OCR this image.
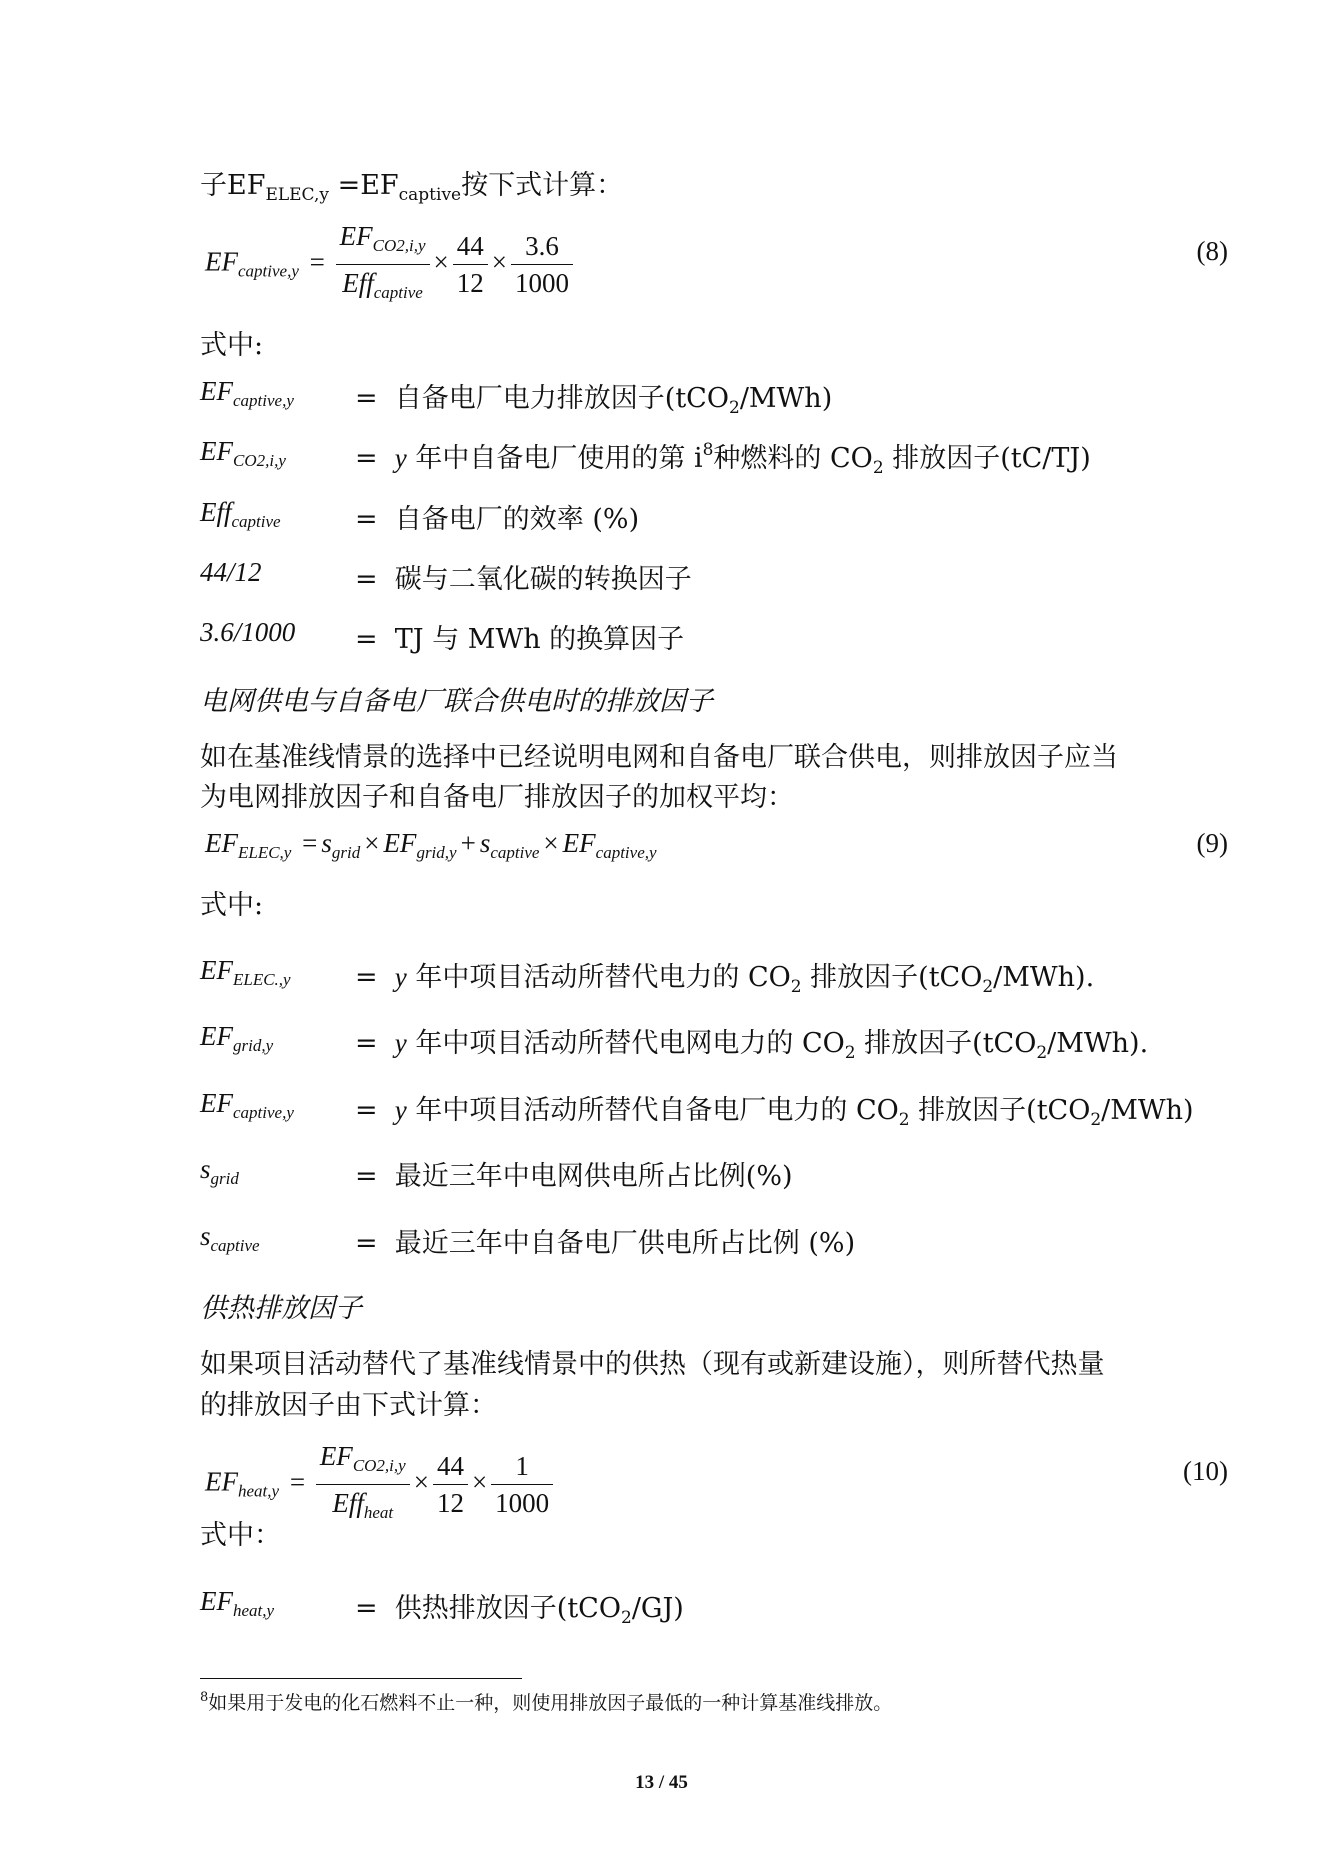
子$EF_{ELEC,y} =EF_{captive}$按下式计算：
$EF_{captive,y} = \frac{EF_{CO2,i,y}}{Eff_{captive}} \times \frac{44}{12} \times \frac{3.6}{1000}$	(8)
式中:
$EF_{captive,y}$ = 自备电厂电力排放因子(tCO$_2$/MWh)
$EF_{CO2,i,y}$	= y 年中自备电厂使用的第 $i^8$种燃料的 $CO_2$ 排放因子(tC/TJ)
Eff$_{captive}$	= 自备电厂的效率 (%)
44/12	= 碳与二氧化碳的转换因子
3.6/1000 = TJ 与 MWh 的换算因子
电网供电与自备电厂联合供电时的排放因子
如在基准线情景的选择中已经说明电网和自备电厂联合供电，则排放因子应当
为电网排放因子和自备电厂排放因子的加权平均：
$EF_{ELEC,y} = s_{grid} \times EF_{grid,y} + s_{captive} \times EF_{captive,y}$	(9)
式中:
$EF_{ELEC.,y} = y$ 年中项目活动所替代电力的 $CO_2$ 排放因子(tCO$_2$/MWh).
$EF_{grid,y}$	= y 年中项目活动所替代电网电力的 $CO_2$ 排放因子(tCO$_2$/MWh).
$EF_{captive,y} = y$ 年中项目活动所替代自备电厂电力的 $CO_2$ 排放因子(tCO$_2$/MWh)
$s_{grid}$	= 最近三年中电网供电所占比例(%)
$s_{captive}$	= 最近三年中自备电厂供电所占比例 (%)
供热排放因子
如果项目活动替代了基准线情景中的供热（现有或新建设施），则所替代热量
的排放因子由下式计算：
$EF_{heat,y} = \frac{EF_{CO2,i,y}}{Eff_{heat}} \times \frac{44}{12} \times \frac{1}{1000}$	(10)
式中：
$EF_{heat,y}$	= 供热排放因子(tCO$_2$/GJ)
$^8$如果用于发电的化石燃料不止一种，则使用排放因子最低的一种计算基准线排放。
13 / 45
